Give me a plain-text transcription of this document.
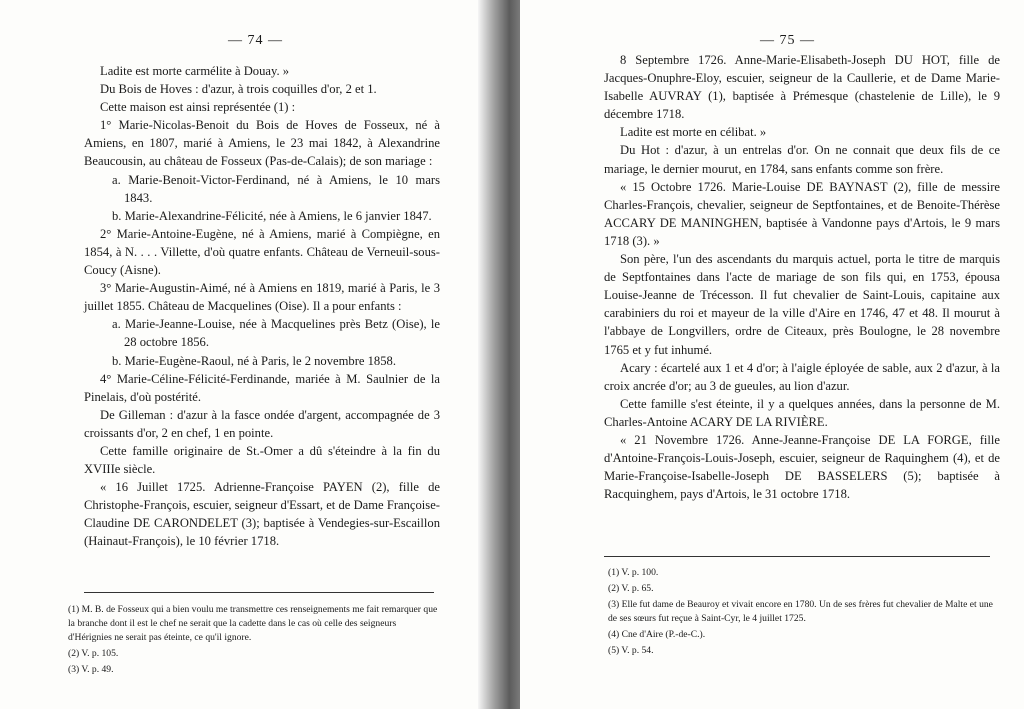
— 74 —

Ladite est morte carmélite à Douay. »

Du Bois de Hoves : d'azur, à trois coquilles d'or, 2 et 1.

Cette maison est ainsi représentée (1) :

1° Marie-Nicolas-Benoit du Bois de Hoves de Fosseux, né à Amiens, en 1807, marié à Amiens, le 23 mai 1842, à Alexandrine Beaucousin, au château de Fosseux (Pas-de-Calais); de son mariage :

a. Marie-Benoit-Victor-Ferdinand, né à Amiens, le 10 mars 1843.

b. Marie-Alexandrine-Félicité, née à Amiens, le 6 janvier 1847.

2° Marie-Antoine-Eugène, né à Amiens, marié à Compiègne, en 1854, à N. . . . Villette, d'où quatre enfants. Château de Verneuil-sous-Coucy (Aisne).

3° Marie-Augustin-Aimé, né à Amiens en 1819, marié à Paris, le 3 juillet 1855. Château de Macquelines (Oise). Il a pour enfants :

a. Marie-Jeanne-Louise, née à Macquelines près Betz (Oise), le 28 octobre 1856.

b. Marie-Eugène-Raoul, né à Paris, le 2 novembre 1858.

4° Marie-Céline-Félicité-Ferdinande, mariée à M. Saulnier de la Pinelais, d'où postérité.

De Gilleman : d'azur à la fasce ondée d'argent, accompagnée de 3 croissants d'or, 2 en chef, 1 en pointe.

Cette famille originaire de St.-Omer a dû s'éteindre à la fin du XVIIIe siècle.

« 16 Juillet 1725. Adrienne-Françoise PAYEN (2), fille de Christophe-François, escuier, seigneur d'Essart, et de Dame Françoise-Claudine DE CARONDELET (3); baptisée à Vendegies-sur-Escaillon (Hainaut-François), le 10 février 1718.

(1) M. B. de Fosseux qui a bien voulu me transmettre ces renseignements me fait remarquer que la branche dont il est le chef ne serait que la cadette dans le cas où celle des seigneurs d'Hérignies ne serait pas éteinte, ce qu'il ignore.

(2) V. p. 105.

(3) V. p. 49.

— 75 —

8 Septembre 1726. Anne-Marie-Elisabeth-Joseph DU HOT, fille de Jacques-Onuphre-Eloy, escuier, seigneur de la Caullerie, et de Dame Marie-Isabelle AUVRAY (1), baptisée à Prémesque (chastelenie de Lille), le 9 décembre 1718.

Ladite est morte en célibat. »

Du Hot : d'azur, à un entrelas d'or. On ne connait que deux fils de ce mariage, le dernier mourut, en 1784, sans enfants comme son frère.

« 15 Octobre 1726. Marie-Louise DE BAYNAST (2), fille de messire Charles-François, chevalier, seigneur de Septfontaines, et de Benoite-Thérèse ACCARY DE MANINGHEN, baptisée à Vandonne pays d'Artois, le 9 mars 1718 (3). »

Son père, l'un des ascendants du marquis actuel, porta le titre de marquis de Septfontaines dans l'acte de mariage de son fils qui, en 1753, épousa Louise-Jeanne de Trécesson. Il fut chevalier de Saint-Louis, capitaine aux carabiniers du roi et mayeur de la ville d'Aire en 1746, 47 et 48. Il mourut à l'abbaye de Longvillers, ordre de Citeaux, près Boulogne, le 28 novembre 1765 et y fut inhumé.

Acary : écartelé aux 1 et 4 d'or; à l'aigle éployée de sable, aux 2 d'azur, à la croix ancrée d'or; au 3 de gueules, au lion d'azur.

Cette famille s'est éteinte, il y a quelques années, dans la personne de M. Charles-Antoine ACARY DE LA RIVIÈRE.

« 21 Novembre 1726. Anne-Jeanne-Françoise DE LA FORGE, fille d'Antoine-François-Louis-Joseph, escuier, seigneur de Raquinghem (4), et de Marie-Françoise-Isabelle-Joseph DE BASSELERS (5); baptisée à Racquinghem, pays d'Artois, le 31 octobre 1718.

(1) V. p. 100.

(2) V. p. 65.

(3) Elle fut dame de Beauroy et vivait encore en 1780. Un de ses frères fut chevalier de Malte et une de ses sœurs fut reçue à Saint-Cyr, le 4 juillet 1725.

(4) Cne d'Aire (P.-de-C.).

(5) V. p. 54.
